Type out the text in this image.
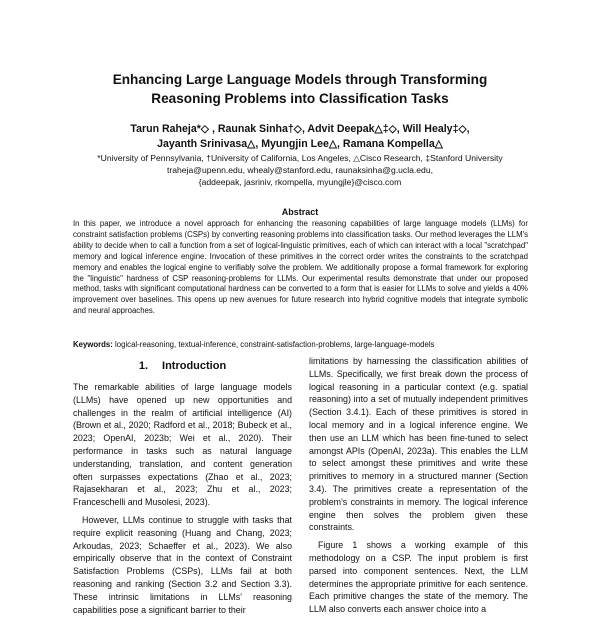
Enhancing Large Language Models through Transforming
Reasoning Problems into Classification Tasks
Tarun Raheja*◇ , Raunak Sinha†◇, Advit Deepak△‡◇, Will Healy‡◇,
Jayanth Srinivasa△, Myungjin Lee△, Ramana Kompella△
*University of Pennsylvania, †University of California, Los Angeles, △Cisco Research, ‡Stanford University
traheja@upenn.edu, whealy@stanford.edu, raunaksinha@g.ucla.edu,
{addeepak, jasriniv, rkompella, myungjle}@cisco.com
Abstract

In this paper, we introduce a novel approach for enhancing the reasoning capabilities of large language models (LLMs) for constraint satisfaction problems (CSPs) by converting reasoning problems into classification tasks. Our method leverages the LLM's ability to decide when to call a function from a set of logical-linguistic primitives, each of which can interact with a local "scratchpad" memory and logical inference engine. Invocation of these primitives in the correct order writes the constraints to the scratchpad memory and enables the logical engine to verifiably solve the problem. We additionally propose a formal framework for exploring the "linguistic" hardness of CSP reasoning-problems for LLMs. Our experimental results demonstrate that under our proposed method, tasks with significant computational hardness can be converted to a form that is easier for LLMs to solve and yields a 40% improvement over baselines. This opens up new avenues for future research into hybrid cognitive models that integrate symbolic and neural approaches.

Keywords: logical-reasoning, textual-inference, constraint-satisfaction-problems, large-language-models
1. Introduction

The remarkable abilities of large language models (LLMs) have opened up new opportunities and challenges in the realm of artificial intelligence (AI) (Brown et al., 2020; Radford et al., 2018; Bubeck et al., 2023; OpenAI, 2023b; Wei et al., 2020). Their performance in tasks such as natural language understanding, translation, and content generation often surpasses expectations (Zhao et al., 2023; Rajasekharan et al., 2023; Zhu et al., 2023; Franceschelli and Musolesi, 2023).

However, LLMs continue to struggle with tasks that require explicit reasoning (Huang and Chang, 2023; Arkoudas, 2023; Schaeffer et al., 2023). We also empirically observe that in the context of Constraint Satisfaction Problems (CSPs), LLMs fail at both reasoning and ranking (Section 3.2 and Section 3.3). These intrinsic limitations in LLMs' reasoning capabilities pose a significant barrier to their

limitations by harnessing the classification abilities of LLMs. Specifically, we first break down the process of logical reasoning in a particular context (e.g. spatial reasoning) into a set of mutually independent primitives (Section 3.4.1). Each of these primitives is stored in local memory and in a logical inference engine. We then use an LLM which has been fine-tuned to select amongst APIs (OpenAI, 2023a). This enables the LLM to select amongst these primitives and write these primitives to memory in a structured manner (Section 3.4). The primitives create a representation of the problem's constraints in memory. The logical inference engine then solves the problem given these constraints.

Figure 1 shows a working example of this methodology on a CSP. The input problem is first parsed into component sentences. Next, the LLM determines the appropriate primitive for each sentence. Each primitive changes the state of the memory. The LLM also converts each answer choice into a
